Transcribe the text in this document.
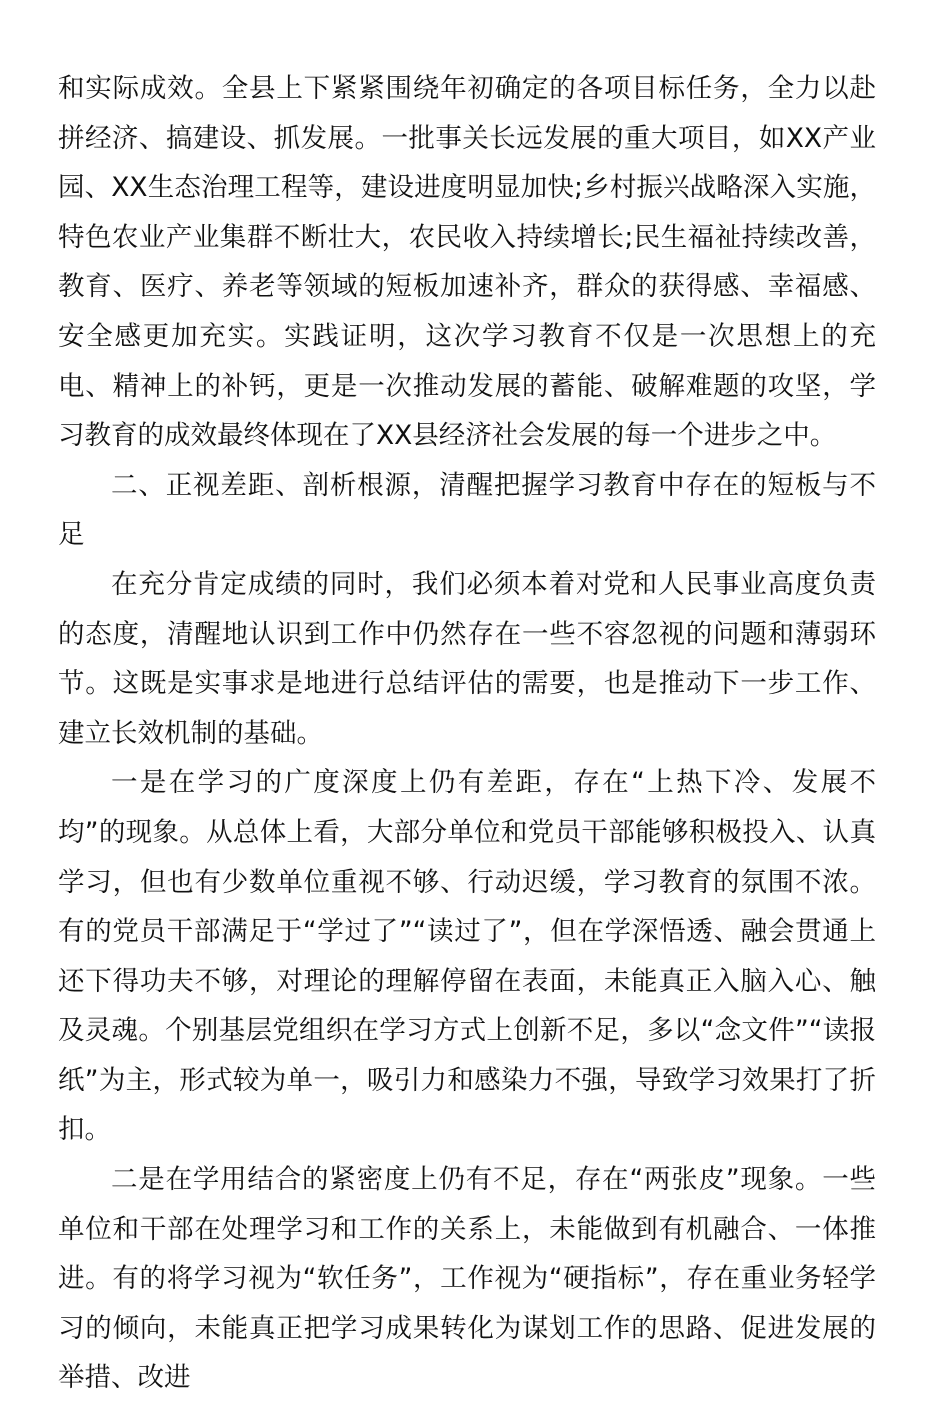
和实际成效。全县上下紧紧围绕年初确定的各项目标任务，全力以赴拼经济、搞建设、抓发展。一批事关长远发展的重大项目，如XX产业园、XX生态治理工程等，建设进度明显加快;乡村振兴战略深入实施，特色农业产业集群不断壮大，农民收入持续增长;民生福祉持续改善，教育、医疗、养老等领域的短板加速补齐，群众的获得感、幸福感、安全感更加充实。实践证明，这次学习教育不仅是一次思想上的充电、精神上的补钙，更是一次推动发展的蓄能、破解难题的攻坚，学习教育的成效最终体现在了XX县经济社会发展的每一个进步之中。

二、正视差距、剖析根源，清醒把握学习教育中存在的短板与不足

在充分肯定成绩的同时，我们必须本着对党和人民事业高度负责的态度，清醒地认识到工作中仍然存在一些不容忽视的问题和薄弱环节。这既是实事求是地进行总结评估的需要，也是推动下一步工作、建立长效机制的基础。

一是在学习的广度深度上仍有差距，存在“上热下冷、发展不均”的现象。从总体上看，大部分单位和党员干部能够积极投入、认真学习，但也有少数单位重视不够、行动迟缓，学习教育的氛围不浓。有的党员干部满足于“学过了”“读过了”，但在学深悟透、融会贯通上还下得功夫不够，对理论的理解停留在表面，未能真正入脑入心、触及灵魂。个别基层党组织在学习方式上创新不足，多以“念文件”“读报纸”为主，形式较为单一，吸引力和感染力不强，导致学习效果打了折扣。

二是在学用结合的紧密度上仍有不足，存在“两张皮”现象。一些单位和干部在处理学习和工作的关系上，未能做到有机融合、一体推进。有的将学习视为“软任务”，工作视为“硬指标”，存在重业务轻学习的倾向，未能真正把学习成果转化为谋划工作的思路、促进发展的举措、改进
